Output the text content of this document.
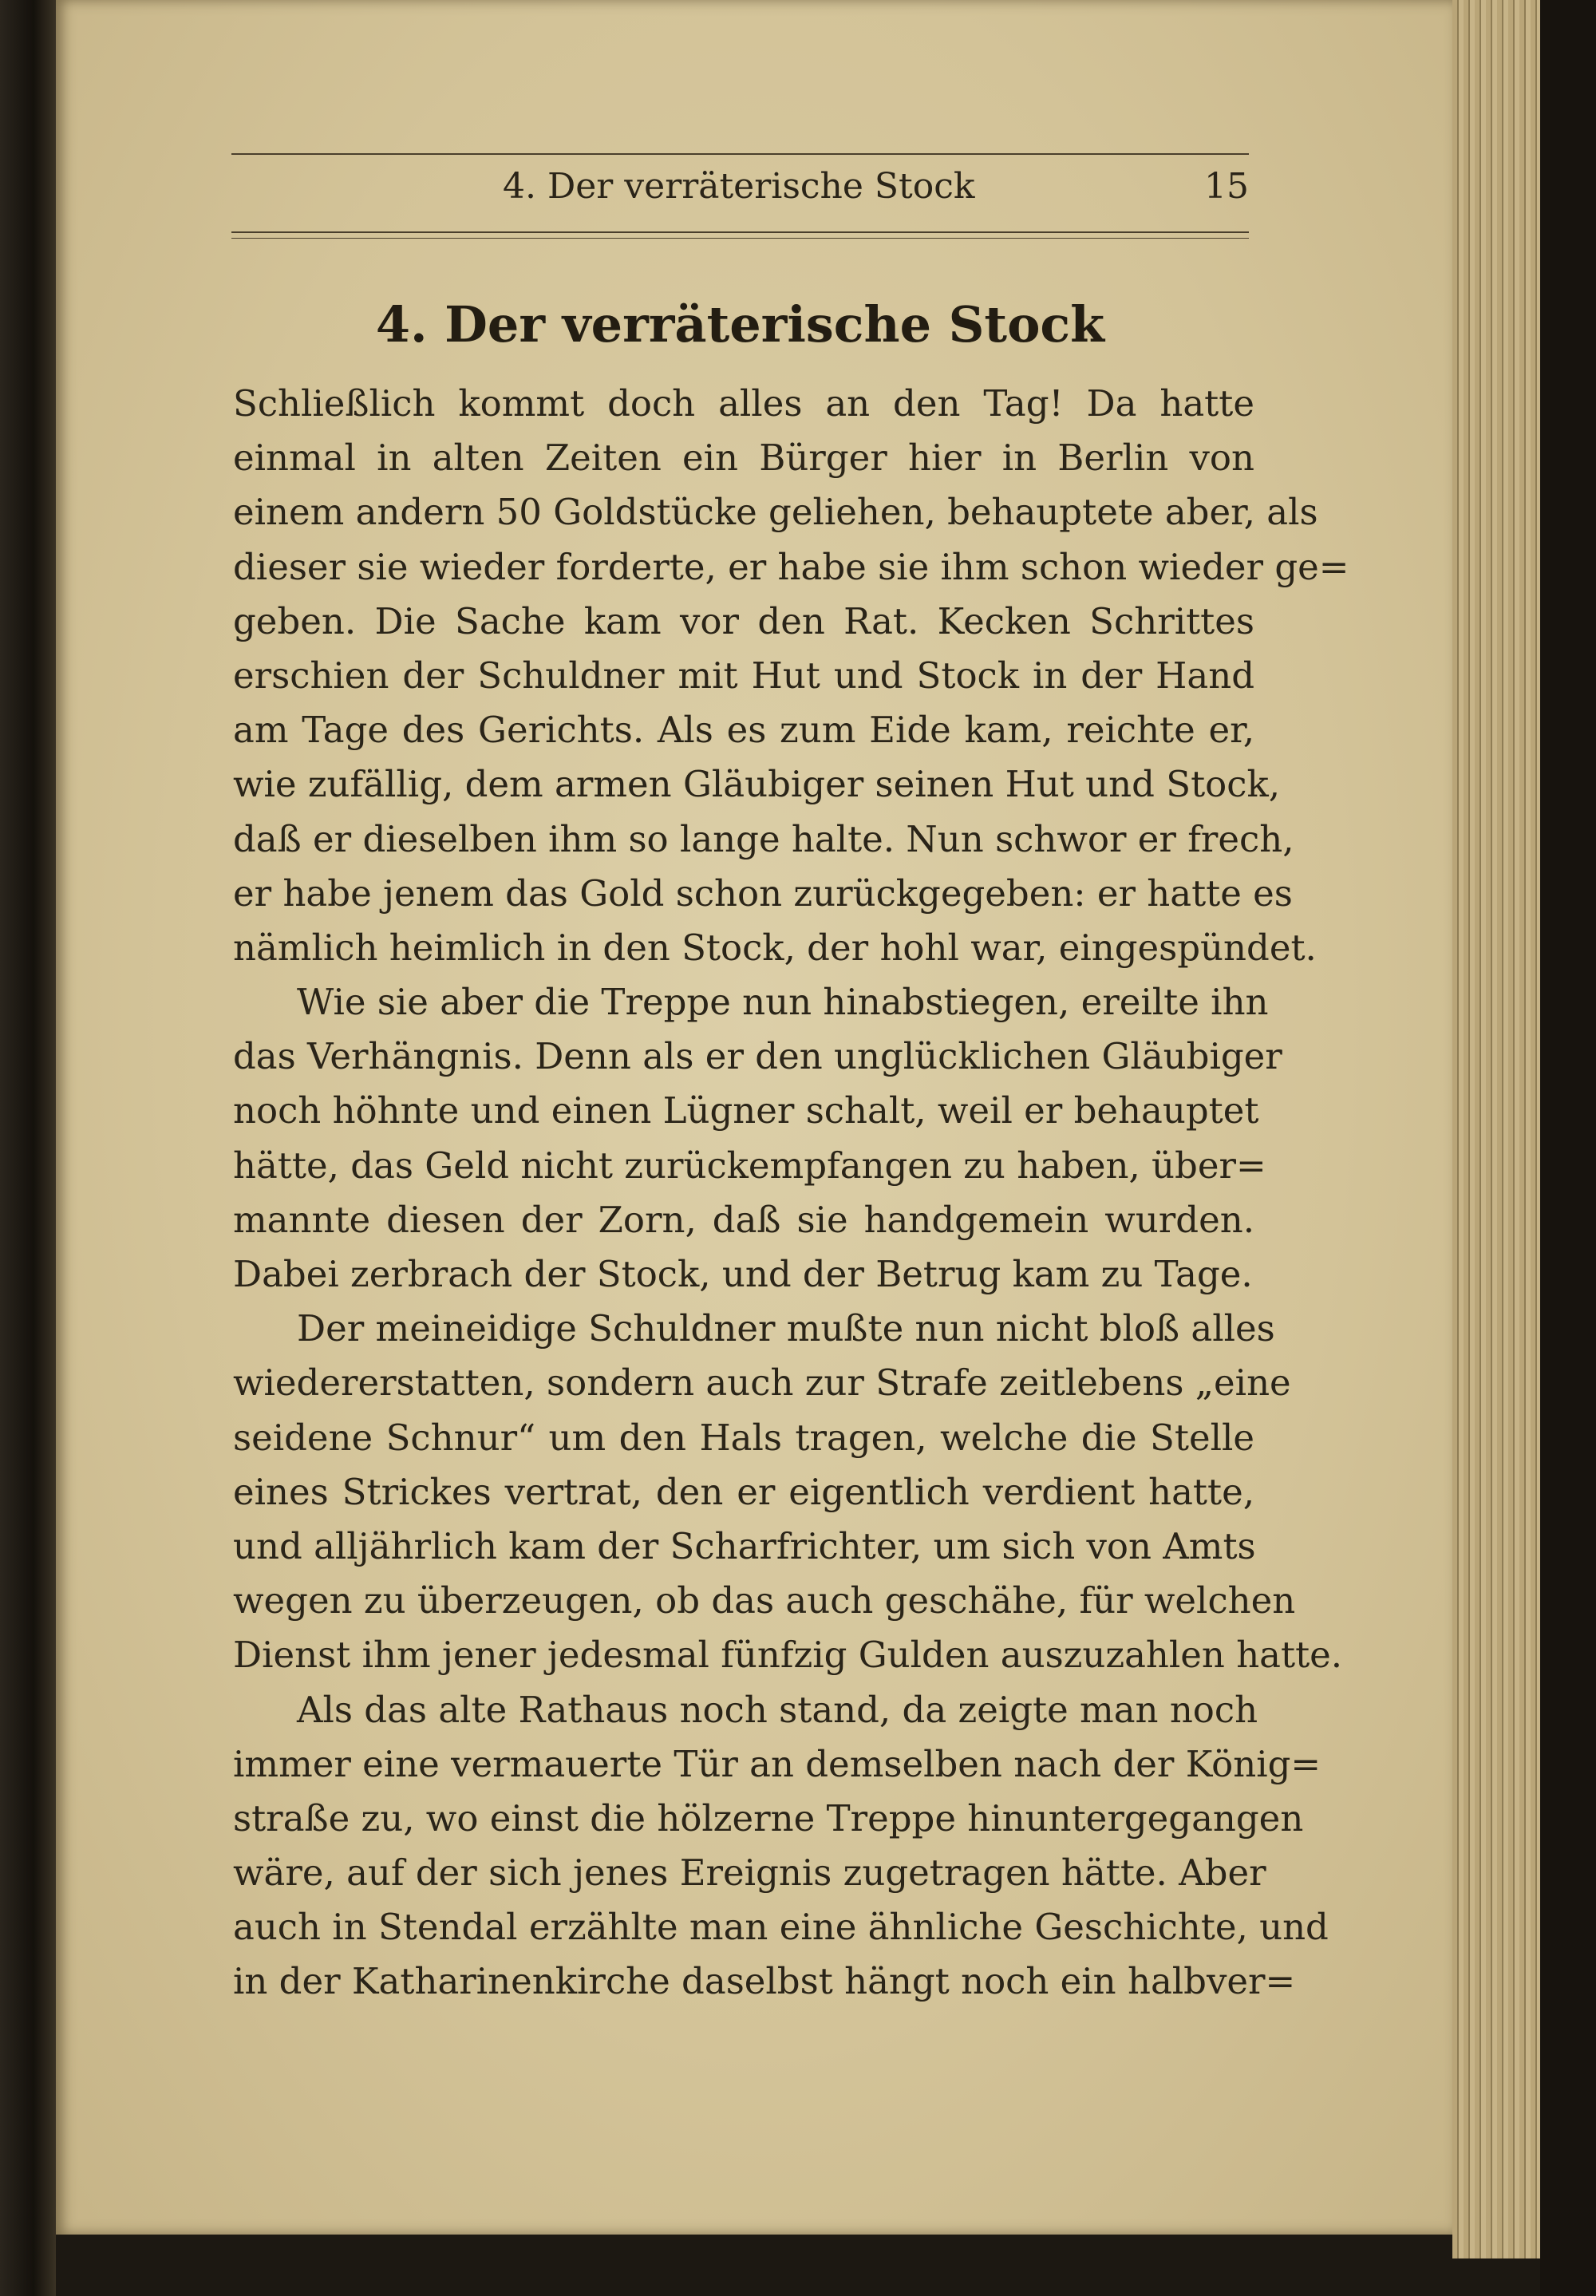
4. Der verräterische Stock	15
4. Der verräterische Stock
Schließlich kommt doch alles an den Tag! Da hatte
einmal in alten Zeiten ein Bürger hier in Berlin von
einem andern 50 Goldstücke geliehen, behauptete aber, als
dieser sie wieder forderte, er habe sie ihm schon wieder ge=
geben. Die Sache kam vor den Rat. Kecken Schrittes
erschien der Schuldner mit Hut und Stock in der Hand
am Tage des Gerichts. Als es zum Eide kam, reichte er,
wie zufällig, dem armen Gläubiger seinen Hut und Stock,
daß er dieselben ihm so lange halte. Nun schwor er frech,
er habe jenem das Gold schon zurückgegeben: er hatte es
nämlich heimlich in den Stock, der hohl war, eingespündet.
Wie sie aber die Treppe nun hinabstiegen, ereilte ihn
das Verhängnis. Denn als er den unglücklichen Gläubiger
noch höhnte und einen Lügner schalt, weil er behauptet
hätte, das Geld nicht zurückempfangen zu haben, über=
mannte diesen der Zorn, daß sie handgemein wurden.
Dabei zerbrach der Stock, und der Betrug kam zu Tage.
Der meineidige Schuldner mußte nun nicht bloß alles
wiedererstatten, sondern auch zur Strafe zeitlebens „eine
seidene Schnur“ um den Hals tragen, welche die Stelle
eines Strickes vertrat, den er eigentlich verdient hatte,
und alljährlich kam der Scharfrichter, um sich von Amts
wegen zu überzeugen, ob das auch geschähe, für welchen
Dienst ihm jener jedesmal fünfzig Gulden auszuzahlen hatte.
Als das alte Rathaus noch stand, da zeigte man noch
immer eine vermauerte Tür an demselben nach der König=
straße zu, wo einst die hölzerne Treppe hinuntergegangen
wäre, auf der sich jenes Ereignis zugetragen hätte. Aber
auch in Stendal erzählte man eine ähnliche Geschichte, und
in der Katharinenkirche daselbst hängt noch ein halbver=
